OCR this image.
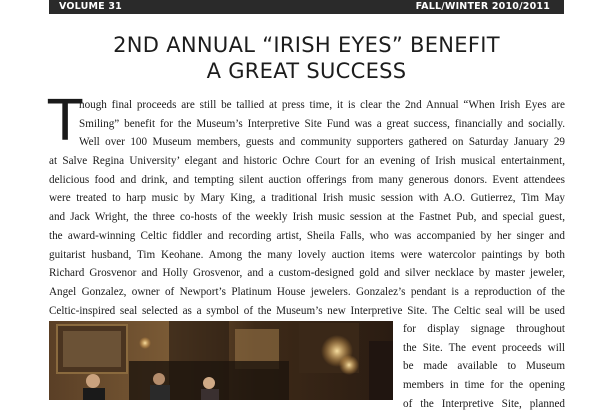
VOLUME 31	FALL/WINTER 2010/2011
2ND ANNUAL “IRISH EYES” BENEFIT
A GREAT SUCCESS
T
hough final proceeds are still be tallied at press time, it is clear the 2nd Annual “When Irish Eyes are
Smiling” benefit for the Museum’s Interpretive Site Fund was a great success, financially and socially.
Well over 100 Museum members, guests and community supporters gathered on Saturday January 29
at Salve Regina University’ elegant and historic Ochre Court for an evening of Irish musical entertainment,
delicious food and drink, and tempting silent auction offerings from many generous donors. Event attendees
were treated to harp music by Mary King, a traditional Irish music session with A.O. Gutierrez, Tim May
and Jack Wright, the three co-hosts of the weekly Irish music session at the Fastnet Pub, and special guest,
the award-winning Celtic fiddler and recording artist, Sheila Falls, who was accompanied by her singer and
guitarist husband, Tim Keohane. Among the many lovely auction items were watercolor paintings by both
Richard Grosvenor and Holly Grosvenor, and a custom-designed gold and silver necklace by master jeweler,
Angel Gonzalez, owner of Newport’s Platinum House jewelers. Gonzalez’s pendant is a reproduction of the
Celtic-inspired seal selected as a symbol of the Museum’s new Interpretive Site. The Celtic seal will be used
for display signage throughout
the Site. The event proceeds will
be made available to Museum
members in time for the opening
of the Interpretive Site, planned
